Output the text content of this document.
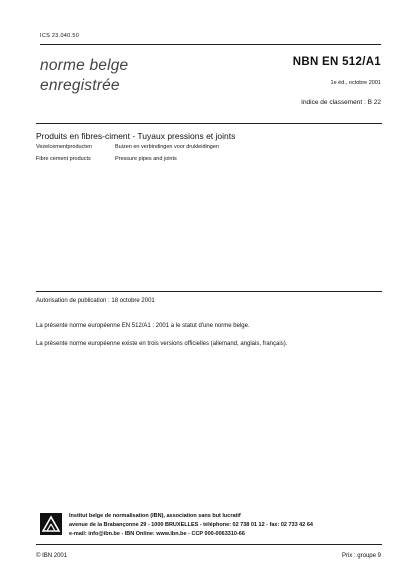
ICS 23.040.50
norme belge
enregistrée
NBN EN 512/A1
1e éd., octobre 2001
Indice de classement : B 22
Produits en fibres-ciment - Tuyaux pressions et joints
Vezelcementproducten	Buizen en verbindingen voor drukleidingen
Fibre cement products	Pressure pipes and joints
Autorisation de publication : 18 octobre 2001
La présente norme européenne EN 512/A1 : 2001 a le statut d'une norme belge.
La présente norme européenne existe en trois versions officielles (allemand, anglais, français).
Institut belge de normalisation (IBN), association sans but lucratif
avenue de la Brabançonne 29 - 1000 BRUXELLES - téléphone: 02 738 01 12 - fax: 02 733 42 64
e-mail: info@ibn.be - IBN Online: www.ibn.be - CCP 000-0063310-66
© IBN 2001	Prix : groupe 9
